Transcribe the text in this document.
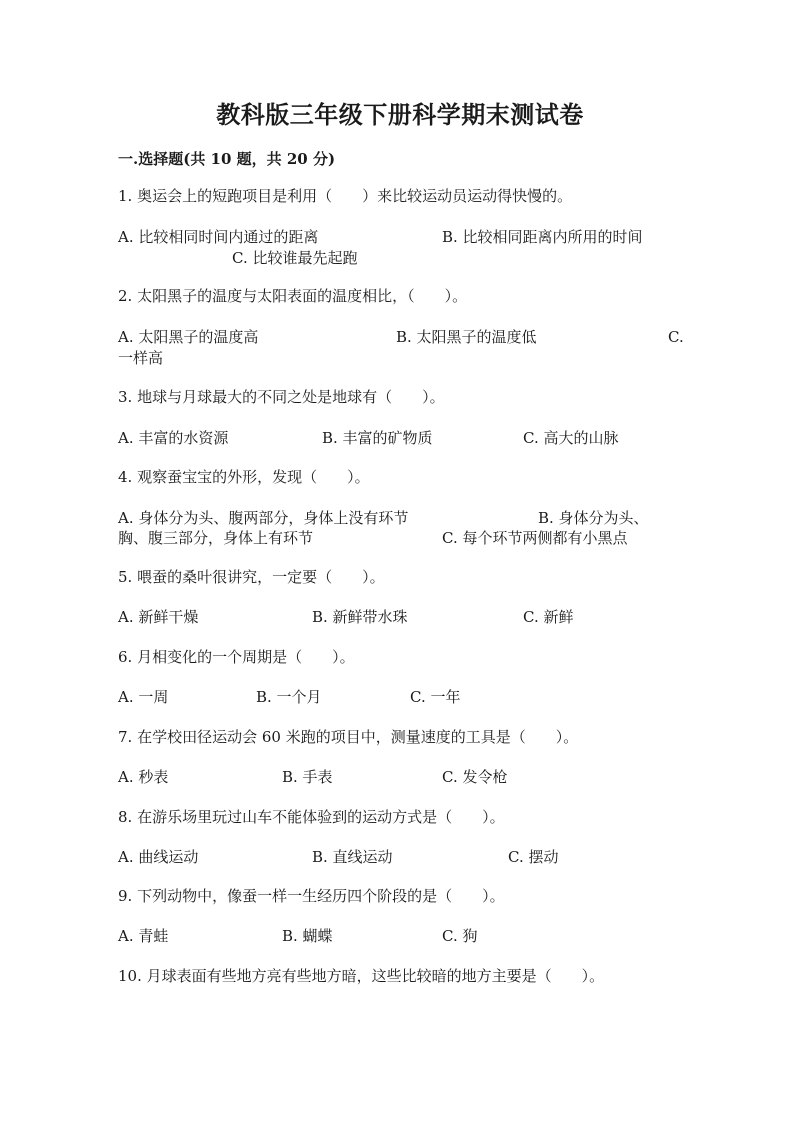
教科版三年级下册科学期末测试卷
一.选择题(共 10 题，共 20 分)
1. 奥运会上的短跑项目是利用（　　）来比较运动员运动得快慢的。
A. 比较相同时间内通过的距离	B. 比较相同距离内所用的时间
C. 比较谁最先起跑
2. 太阳黑子的温度与太阳表面的温度相比，（　　）。
A. 太阳黑子的温度高	B. 太阳黑子的温度低	C.
一样高
3. 地球与月球最大的不同之处是地球有（　　）。
A. 丰富的水资源	B. 丰富的矿物质	C. 高大的山脉
4. 观察蚕宝宝的外形，发现（　　）。
A. 身体分为头、腹两部分，身体上没有环节	B. 身体分为头、
胸、腹三部分，身体上有环节	C. 每个环节两侧都有小黑点
5. 喂蚕的桑叶很讲究，一定要（　　）。
A. 新鲜干燥	B. 新鲜带水珠	C. 新鲜
6. 月相变化的一个周期是（　　）。
A. 一周	B. 一个月	C. 一年
7. 在学校田径运动会 60 米跑的项目中，测量速度的工具是（　　）。
A. 秒表	B. 手表	C. 发令枪
8. 在游乐场里玩过山车不能体验到的运动方式是（　　）。
A. 曲线运动	B. 直线运动	C. 摆动
9. 下列动物中，像蚕一样一生经历四个阶段的是（　　）。
A. 青蛙	B. 蝴蝶	C. 狗
10. 月球表面有些地方亮有些地方暗，这些比较暗的地方主要是（　　）。
